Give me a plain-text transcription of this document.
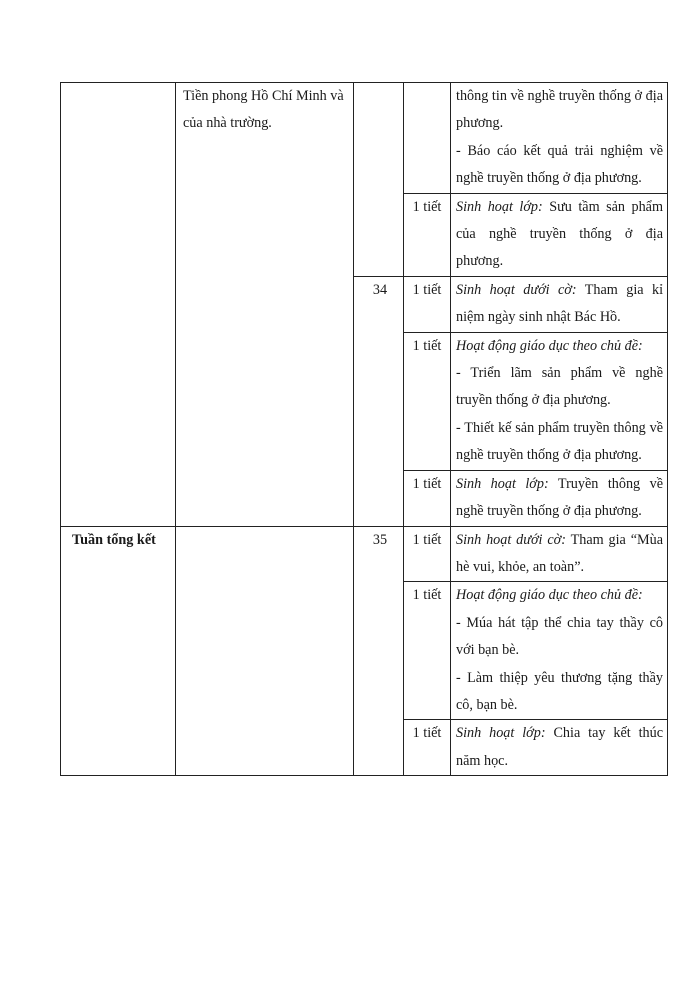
	Tiền phong Hồ Chí Minh và của nhà trường.			thông tin về nghề truyền thống ở địa phương.

- Báo cáo kết quả trải nghiệm về nghề truyền thống ở địa phương.

			1 tiết	Sinh hoạt lớp: Sưu tầm sản phẩm của nghề truyền thống ở địa phương.

		34	1 tiết	Sinh hoạt dưới cờ: Tham gia kỉ niệm ngày sinh nhật Bác Hồ.

			1 tiết	Hoạt động giáo dục theo chủ đề:

- Triển lãm sản phẩm về nghề truyền thống ở địa phương.

- Thiết kế sản phẩm truyền thông về nghề truyền thống ở địa phương.

			1 tiết	Sinh hoạt lớp: Truyền thông về nghề truyền thống ở địa phương.

Tuần tổng kết		35	1 tiết	Sinh hoạt dưới cờ: Tham gia “Mùa hè vui, khỏe, an toàn”.

			1 tiết	Hoạt động giáo dục theo chủ đề:

- Múa hát tập thể chia tay thầy cô với bạn bè.

- Làm thiệp yêu thương tặng thầy cô, bạn bè.

			1 tiết	Sinh hoạt lớp: Chia tay kết thúc năm học.
